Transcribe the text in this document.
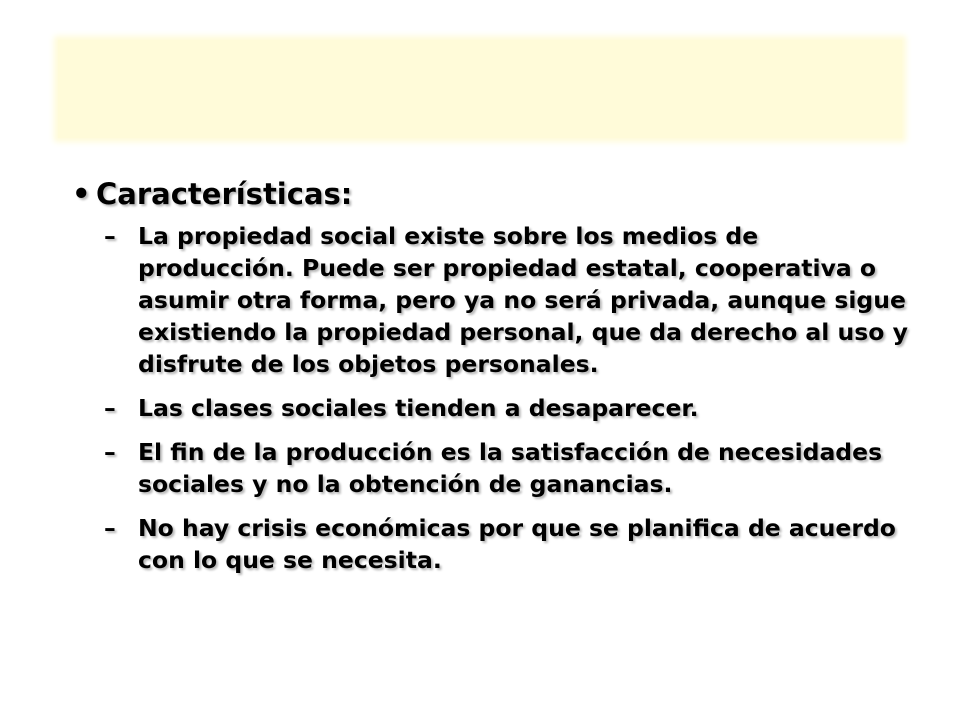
• Características:
– La propiedad social existe sobre los medios de producción. Puede ser propiedad estatal, cooperativa o asumir otra forma, pero ya no será privada, aunque sigue existiendo la propiedad personal, que da derecho al uso y disfrute de los objetos personales.
– Las clases sociales tienden a desaparecer.
– El fin de la producción es la satisfacción de necesidades sociales y no la obtención de ganancias.
– No hay crisis económicas por que se planifica de acuerdo con lo que se necesita.
